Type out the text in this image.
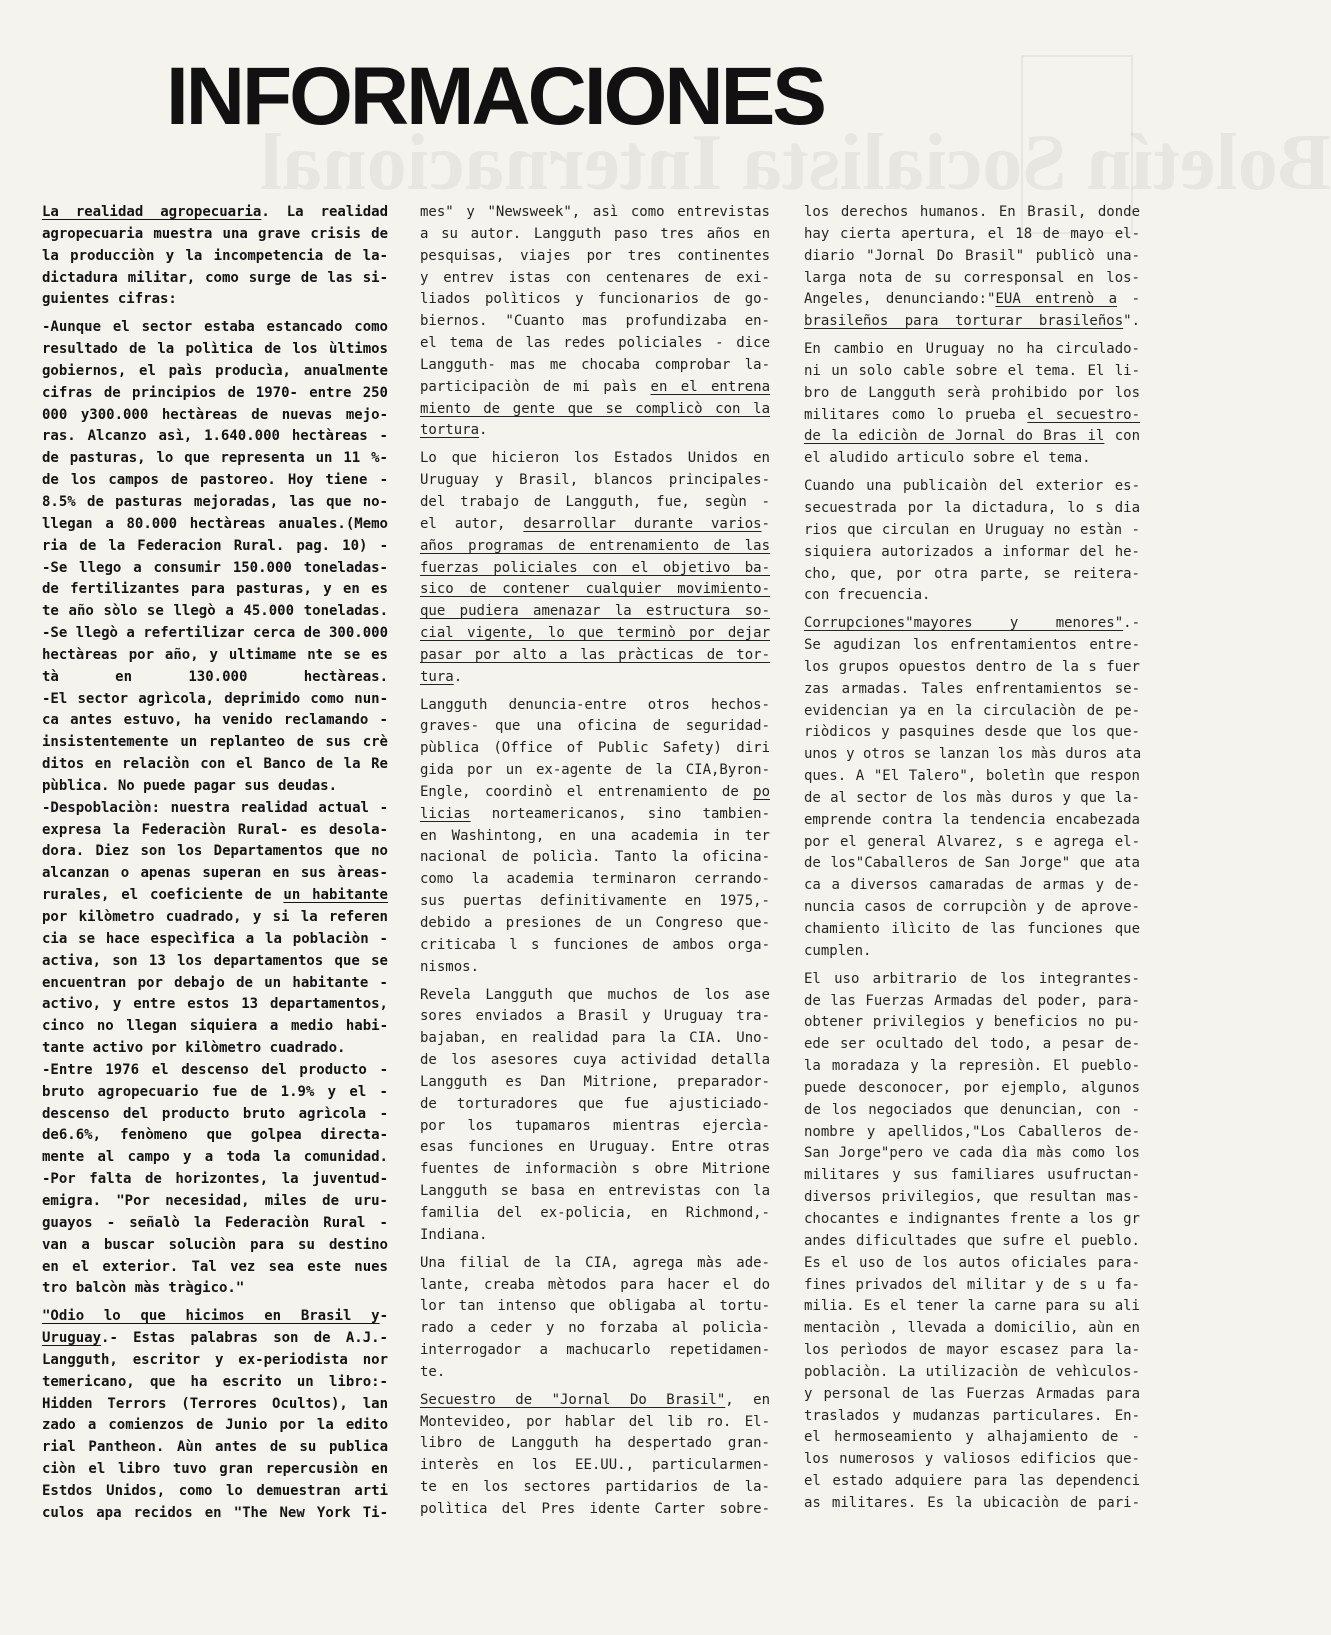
Boletín Socialista Internacional
INFORMACIONES
La realidad agropecuaria. La realidad
agropecuaria muestra una grave crisis de
la producciòn y la incompetencia de la-
dictadura militar, como surge de las si-
guientes cifras:
-Aunque el sector estaba estancado como
resultado de la polìtica de los ùltimos
gobiernos, el paìs producìa, anualmente
cifras de principios de 1970- entre 250
000 y300.000 hectàreas de nuevas mejo-
ras. Alcanzo asì, 1.640.000 hectàreas -
de pasturas, lo que representa un 11 %-
de los campos de pastoreo. Hoy tiene -
8.5% de pasturas mejoradas, las que no-
llegan a 80.000 hectàreas anuales.(Memo
ria de la Federacion Rural. pag. 10) -
-Se llego a consumir 150.000 toneladas-
de fertilizantes para pasturas, y en es
te año sòlo se llegò a 45.000 toneladas.
-Se llegò a refertilizar cerca de 300.000
hectàreas por año, y ultimame nte se es
tà en 130.000 hectàreas.
-El sector agrìcola, deprimido como nun-
ca antes estuvo, ha venido reclamando -
insistentemente un replanteo de sus crè
ditos en relaciòn con el Banco de la Re
pùblica. No puede pagar sus deudas.
-Despoblaciòn: nuestra realidad actual -
expresa la Federaciòn Rural- es desola-
dora. Diez son los Departamentos que no
alcanzan o apenas superan en sus àreas-
rurales, el coeficiente de un habitante
por kilòmetro cuadrado, y si la referen
cia se hace especìfica a la poblaciòn -
activa, son 13 los departamentos que se
encuentran por debajo de un habitante -
activo, y entre estos 13 departamentos,
cinco no llegan siquiera a medio habi-
tante activo por kilòmetro cuadrado.
-Entre 1976 el descenso del producto -
bruto agropecuario fue de 1.9% y el -
descenso del producto bruto agrìcola -
de6.6%, fenòmeno que golpea directa-
mente al campo y a toda la comunidad.
-Por falta de horizontes, la juventud-
emigra. "Por necesidad, miles de uru-
guayos - señalò la Federaciòn Rural -
van a buscar soluciòn para su destino
en el exterior. Tal vez sea este nues
tro balcòn màs tràgico."
"Odio lo que hicimos en Brasil y-
Uruguay.- Estas palabras son de A.J.-
Langguth, escritor y ex-periodista nor
temericano, que ha escrito un libro:-
Hidden Terrors (Terrores Ocultos), lan
zado a comienzos de Junio por la edito
rial Pantheon. Aùn antes de su publica
ciòn el libro tuvo gran repercusiòn en
Estdos Unidos, como lo demuestran arti
culos apa recidos en "The New York Ti-
mes" y "Newsweek", asì como entrevistas
a su autor. Langguth paso tres años en
pesquisas, viajes por tres continentes
y entrev istas con centenares de exi-
liados polìticos y funcionarios de go-
biernos. "Cuanto mas profundizaba en-
el tema de las redes policiales - dice
Langguth- mas me chocaba comprobar la-
participaciòn de mi paìs en el entrena
miento de gente que se complicò con la
tortura.
Lo que hicieron los Estados Unidos en
Uruguay y Brasil, blancos principales-
del trabajo de Langguth, fue, segùn -
el autor, desarrollar durante varios-
años programas de entrenamiento de las
fuerzas policiales con el objetivo ba-
sico de contener cualquier movimiento-
que pudiera amenazar la estructura so-
cial vigente, lo que terminò por dejar
pasar por alto a las pràcticas de tor-
tura.
Langguth denuncia-entre otros hechos-
graves- que una oficina de seguridad-
pùblica (Office of Public Safety) diri
gida por un ex-agente de la CIA,Byron-
Engle, coordinò el entrenamiento de po
licias norteamericanos, sino tambien-
en Washintong, en una academia in ter
nacional de policìa. Tanto la oficina-
como la academia terminaron cerrando-
sus puertas definitivamente en 1975,-
debido a presiones de un Congreso que-
criticaba l s funciones de ambos orga-
nismos.
Revela Langguth que muchos de los ase
sores enviados a Brasil y Uruguay tra-
bajaban, en realidad para la CIA. Uno-
de los asesores cuya actividad detalla
Langguth es Dan Mitrione, preparador-
de torturadores que fue ajusticiado-
por los tupamaros mientras ejercìa-
esas funciones en Uruguay. Entre otras
fuentes de informaciòn s obre Mitrione
Langguth se basa en entrevistas con la
familia del ex-policia, en Richmond,-
Indiana.
Una filial de la CIA, agrega màs ade-
lante, creaba mètodos para hacer el do
lor tan intenso que obligaba al tortu-
rado a ceder y no forzaba al policìa-
interrogador a machucarlo repetidamen-
te.
Secuestro de "Jornal Do Brasil", en
Montevideo, por hablar del lib ro. El-
libro de Langguth ha despertado gran-
interès en los EE.UU., particularmen-
te en los sectores partidarios de la-
polìtica del Pres idente Carter sobre-
los derechos humanos. En Brasil, donde
hay cierta apertura, el 18 de mayo el-
diario "Jornal Do Brasil" publicò una-
larga nota de su corresponsal en los-
Angeles, denunciando:"EUA entrenò a -
brasileños para torturar brasileños".
En cambio en Uruguay no ha circulado-
ni un solo cable sobre el tema. El li-
bro de Langguth serà prohibido por los
militares como lo prueba el secuestro-
de la ediciòn de Jornal do Bras il con
el aludido articulo sobre el tema.
Cuando una publicaiòn del exterior es-
secuestrada por la dictadura, lo s dia
rios que circulan en Uruguay no estàn -
siquiera autorizados a informar del he-
cho, que, por otra parte, se reitera-
con frecuencia.
Corrupciones"mayores y menores".-
Se agudizan los enfrentamientos entre-
los grupos opuestos dentro de la s fuer
zas armadas. Tales enfrentamientos se-
evidencian ya en la circulaciòn de pe-
riòdicos y pasquines desde que los que-
unos y otros se lanzan los màs duros ata
ques. A "El Talero", boletìn que respon
de al sector de los màs duros y que la-
emprende contra la tendencia encabezada
por el general Alvarez, s e agrega el-
de los"Caballeros de San Jorge" que ata
ca a diversos camaradas de armas y de-
nuncia casos de corrupciòn y de aprove-
chamiento ilìcito de las funciones que
cumplen.
El uso arbitrario de los integrantes-
de las Fuerzas Armadas del poder, para-
obtener privilegios y beneficios no pu-
ede ser ocultado del todo, a pesar de-
la moradaza y la represiòn. El pueblo-
puede desconocer, por ejemplo, algunos
de los negociados que denuncian, con -
nombre y apellidos,"Los Caballeros de-
San Jorge"pero ve cada dìa màs como los
militares y sus familiares usufructan-
diversos privilegios, que resultan mas-
chocantes e indignantes frente a los gr
andes dificultades que sufre el pueblo.
Es el uso de los autos oficiales para-
fines privados del militar y de s u fa-
milia. Es el tener la carne para su ali
mentaciòn , llevada a domicilio, aùn en
los perìodos de mayor escasez para la-
poblaciòn. La utilizaciòn de vehìculos-
y personal de las Fuerzas Armadas para
traslados y mudanzas particulares. En-
el hermoseamiento y alhajamiento de -
los numerosos y valiosos edificios que-
el estado adquiere para las dependenci
as militares. Es la ubicaciòn de pari-
